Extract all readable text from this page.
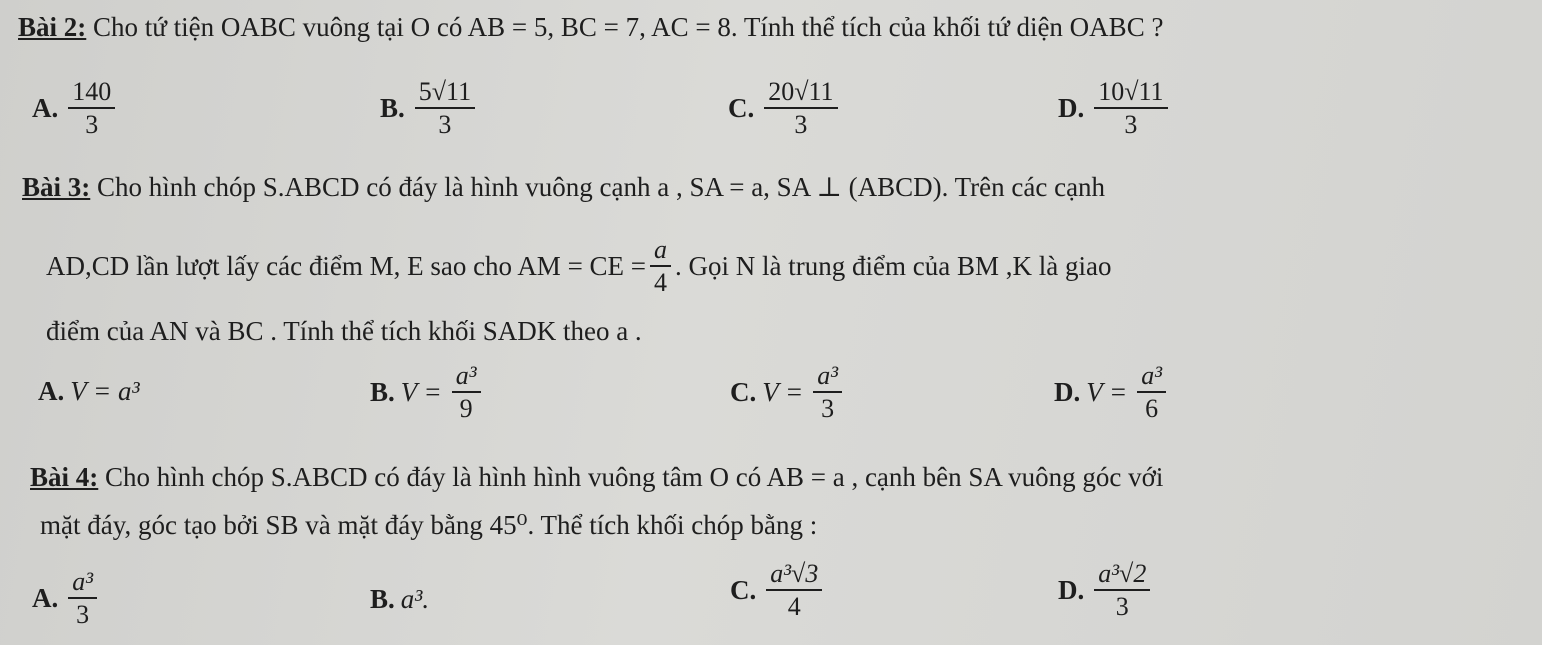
Bài 2: Cho tứ tiện OABC vuông tại O có AB = 5, BC = 7, AC = 8. Tính thể tích của khối tứ diện OABC ?
A. $\frac{140}{3}$	B. $\frac{5√11}{3}$	C. $\frac{20√11}{3}$	D. $\frac{10√11}{3}$
Bài 3: Cho hình chóp S.ABCD có đáy là hình vuông cạnh a , SA = a, SA ⊥ (ABCD). Trên các cạnh
AD,CD lần lượt lấy các điểm M, E sao cho AM = CE = $\frac{a}{4}$ . Gọi N là trung điểm của BM ,K là giao
điểm của AN và BC . Tính thể tích khối SADK theo a .
A. V = a³	B. $V = \frac{\text{a³}}{9}$	C. $V = \frac{\text{a³}}{3}$	D. $V = \frac{\text{a³}}{6}$
Bài 4: Cho hình chóp S.ABCD có đáy là hình hình vuông tâm O có AB = a , cạnh bên SA vuông góc với
mặt đáy, góc tạo bởi SB và mặt đáy bằng 45⁰. Thể tích khối chóp bằng :
A. $\frac{\text{a³}}{3}$	B. a³.	C. $\frac{\text{a³√3}}{4}$	D. $\frac{\text{a³√2}}{3}$
